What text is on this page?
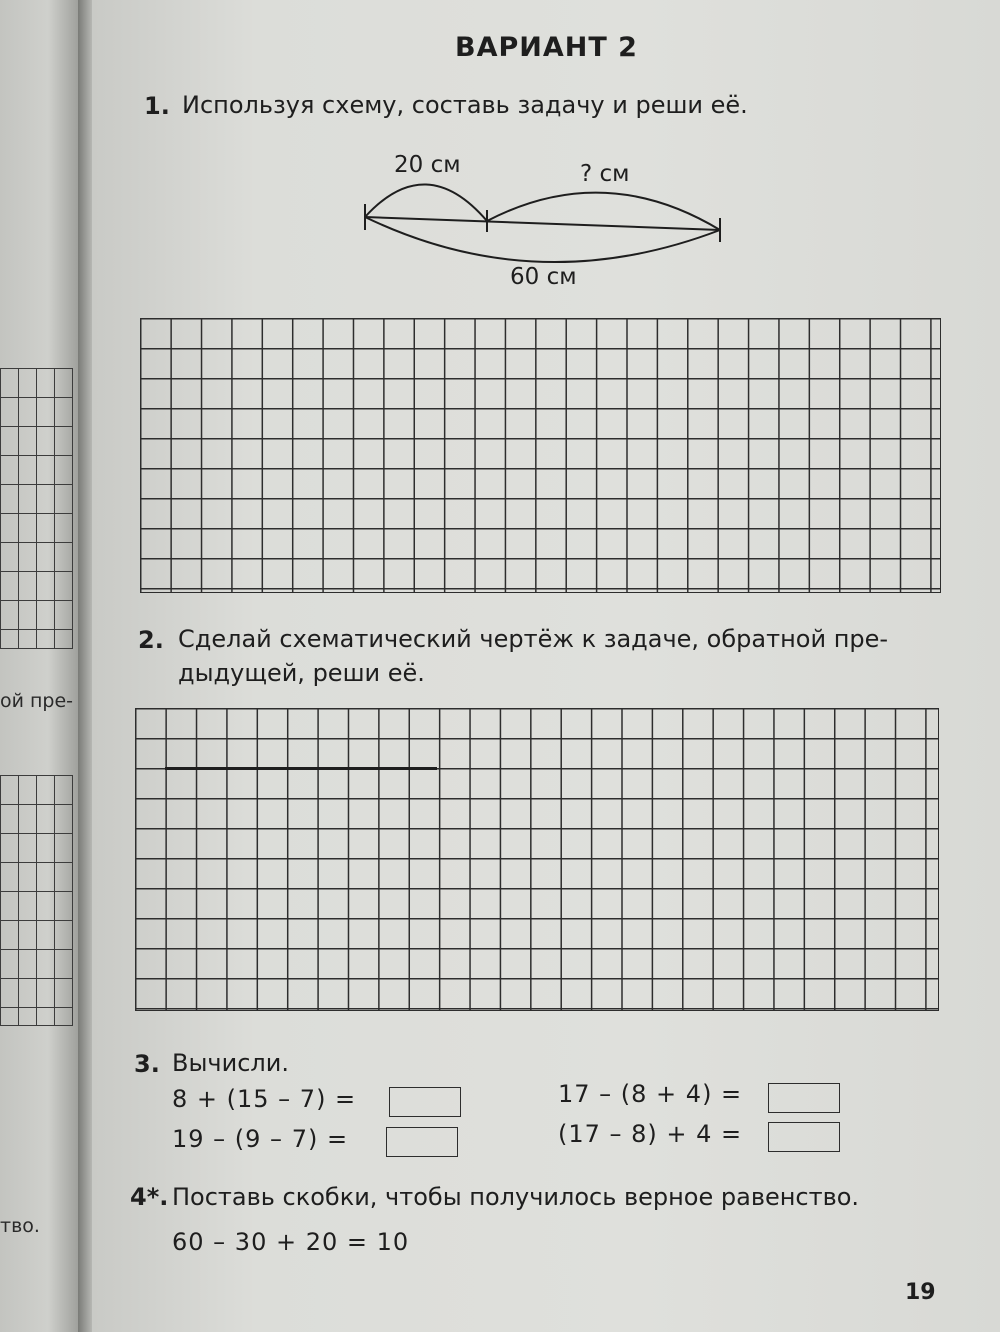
ой пре-
тво.
ВАРИАНТ 2
1. Используя схему, составь задачу и реши её.
20 см	? см
60 см
2. Сделай схематический чертёж к задаче, обратной пре-
дыдущей, реши её.
3. Вычисли.
8 + (15 – 7) =
19 – (9 – 7) =
17 – (8 + 4) =
(17 – 8) + 4 =
4*. Поставь скобки, чтобы получилось верное равенство.
60 – 30 + 20 = 10
19
